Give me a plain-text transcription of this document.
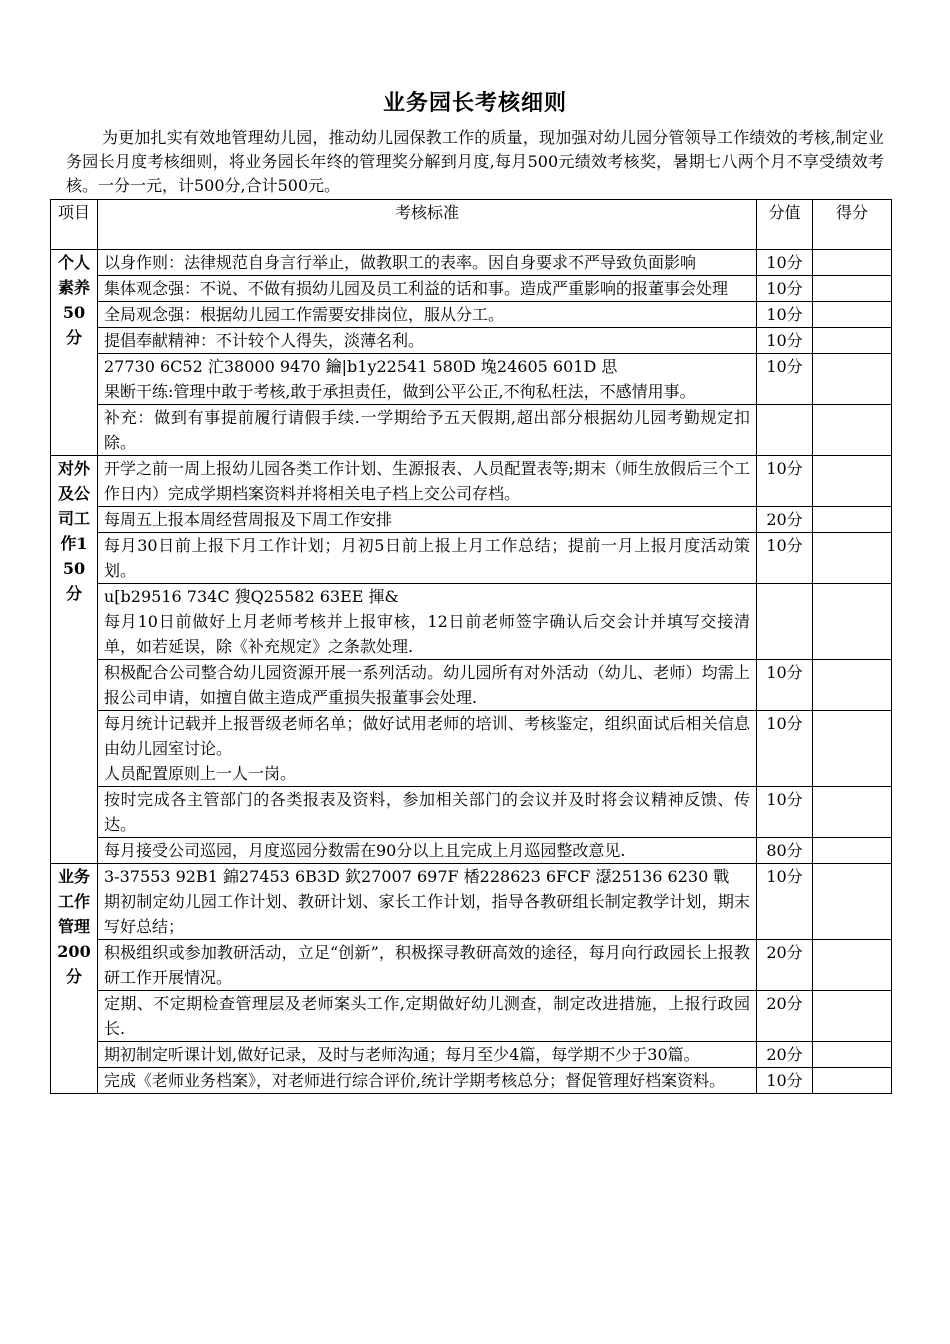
业务园长考核细则
为更加扎实有效地管理幼儿园，推动幼儿园保教工作的质量，现加强对幼儿园分管领导工作绩效的考核,制定业务园长月度考核细则，将业务园长年终的管理奖分解到月度,每月500元绩效考核奖，暑期七八两个月不享受绩效考核。一分一元，计500分,合计500元。
项目	考核标准	分值	得分
个人素养50分	以身作则：法律规范自身言行举止，做教职工的表率。因自身要求不严导致负面影响	10分	

	集体观念强：不说、不做有损幼儿园及员工利益的话和事。造成严重影响的报董事会处理	10分	

	全局观念强：根据幼儿园工作需要安排岗位，服从分工。	10分	

	提倡奉献精神：不计较个人得失，淡薄名利。	10分	

	27730 6C52 汒38000 9470 鑰|b1y22541 580D 堍24605 601D 思
果断干练:管理中敢于考核,敢于承担责任，做到公平公正,不徇私枉法，不感情用事。	10分	

	补充：做到有事提前履行请假手续.一学期给予五天假期,超出部分根据幼儿园考勤规定扣除。		

对外及公司工作150分	开学之前一周上报幼儿园各类工作计划、生源报表、人员配置表等;期末（师生放假后三个工作日内）完成学期档案资料并将相关电子档上交公司存档。	10分	

	每周五上报本周经营周报及下周工作安排	20分	

	每月30日前上报下月工作计划；月初5日前上报上月工作总结；提前一月上报月度活动策划。	10分	

	u[b29516 734C 獀Q25582 63EE 揮&
每月10日前做好上月老师考核并上报审核，12日前老师签字确认后交会计并填写交接清单，如若延误，除《补充规定》之条款处理.		

	积极配合公司整合幼儿园资源开展一系列活动。幼儿园所有对外活动（幼儿、老师）均需上报公司申请，如擅自做主造成严重损失报董事会处理.	10分	

	每月统计记载并上报晋级老师名单；做好试用老师的培训、考核鉴定，组织面试后相关信息由幼儿园室讨论。
人员配置原则上一人一岗。	10分	

	按时完成各主管部门的各类报表及资料，参加相关部门的会议并及时将会议精神反馈、传达。	10分	

	每月接受公司巡园，月度巡园分数需在90分以上且完成上月巡园整改意见.	80分	
业务工作管理200分	3-37553 92B1 錦27453 6B3D 欽27007 697F 楿228623 6FCF 濏25136 6230 戰
期初制定幼儿园工作计划、教研计划、家长工作计划，指导各教研组长制定教学计划，期末写好总结；	10分	

	积极组织或参加教研活动，立足“创新”，积极探寻教研高效的途径，每月向行政园长上报教研工作开展情况。	20分	

	定期、不定期检查管理层及老师案头工作,定期做好幼儿测查，制定改进措施，上报行政园长.	20分	

	期初制定听课计划,做好记录，及时与老师沟通；每月至少4篇，每学期不少于30篇。	20分	

	完成《老师业务档案》，对老师进行综合评价,统计学期考核总分；督促管理好档案资料。	10分	
